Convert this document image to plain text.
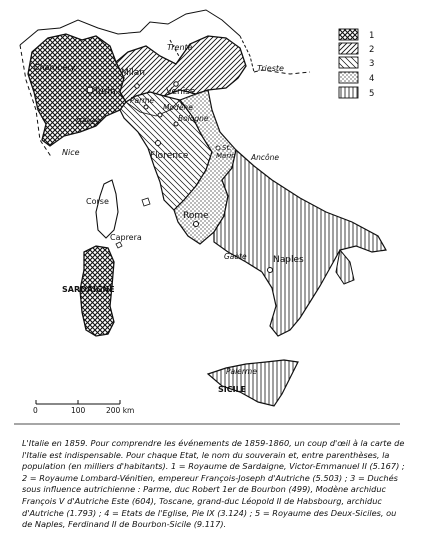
Chambéry
Turin
Milan
Venise
Trente
Trieste
Parme
Modène
Bologne
Gênes
Nice	Florence
St.
Marin Ancône
Rome
Corse
Caprera
Gaète	Naples
SARDAIGNE
Palerme
SICILE
1
2
3
4
5
0	100	200 km
L'Italie en 1859. Pour comprendre les événements de 1859-1860, un coup d'œil à la carte de l'Italie est indispensable. Pour chaque Etat, le nom du souverain et, entre parenthèses, la population (en milliers d'habitants). 1 = Royaume de Sardaigne, Victor-Emmanuel II (5.167) ; 2 = Royaume Lombard-Vénitien, empereur François-Joseph d'Autriche (5.503) ; 3 = Duchés sous influence autrichienne : Parme, duc Robert 1er de Bourbon (499), Modène archiduc François V d'Autriche Este (604), Toscane, grand-duc Léopold II de Habsbourg, archiduc d'Autriche (1.793) ; 4 = Etats de l'Eglise, Pie IX (3.124) ; 5 = Royaume des Deux-Siciles, ou de Naples, Ferdinand II de Bourbon-Sicile (9.117).
